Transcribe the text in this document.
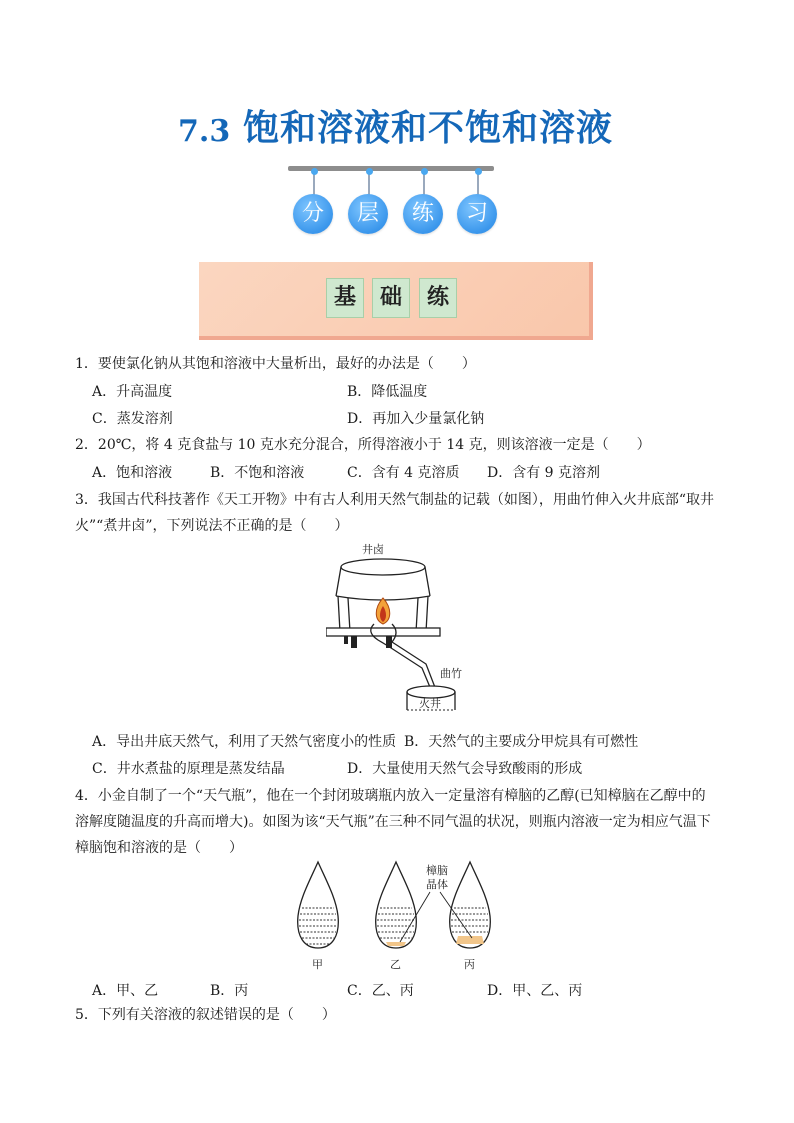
7.3 饱和溶液和不饱和溶液
分	层	练	习
基	础	练
1．要使氯化钠从其饱和溶液中大量析出，最好的办法是（　　）
A．升高温度	B．降低温度
C．蒸发溶剂	D．再加入少量氯化钠
2．20℃，将 4 克食盐与 10 克水充分混合，所得溶液小于 14 克，则该溶液一定是（　　）
A．饱和溶液	B．不饱和溶液	C．含有 4 克溶质 D．含有 9 克溶剂
3．我国古代科技著作《天工开物》中有古人利用天然气制盐的记载（如图），用曲竹伸入火井底部“取井火”“煮井卤”，下列说法不正确的是（　　）
井卤
曲竹
火井
A．导出井底天然气，利用了天然气密度小的性质 B．天然气的主要成分甲烷具有可燃性
C．井水煮盐的原理是蒸发结晶	D．大量使用天然气会导致酸雨的形成
4．小金自制了一个“天气瓶”，他在一个封闭玻璃瓶内放入一定量溶有樟脑的乙醇(已知樟脑在乙醇中的溶解度随温度的升高而增大)。如图为该“天气瓶”在三种不同气温的状况，则瓶内溶液一定为相应气温下樟脑饱和溶液的是（　　）
樟脑
晶体
甲	乙	丙
A．甲、乙	B．丙	C．乙、丙	D．甲、乙、丙
5．下列有关溶液的叙述错误的是（　　）
